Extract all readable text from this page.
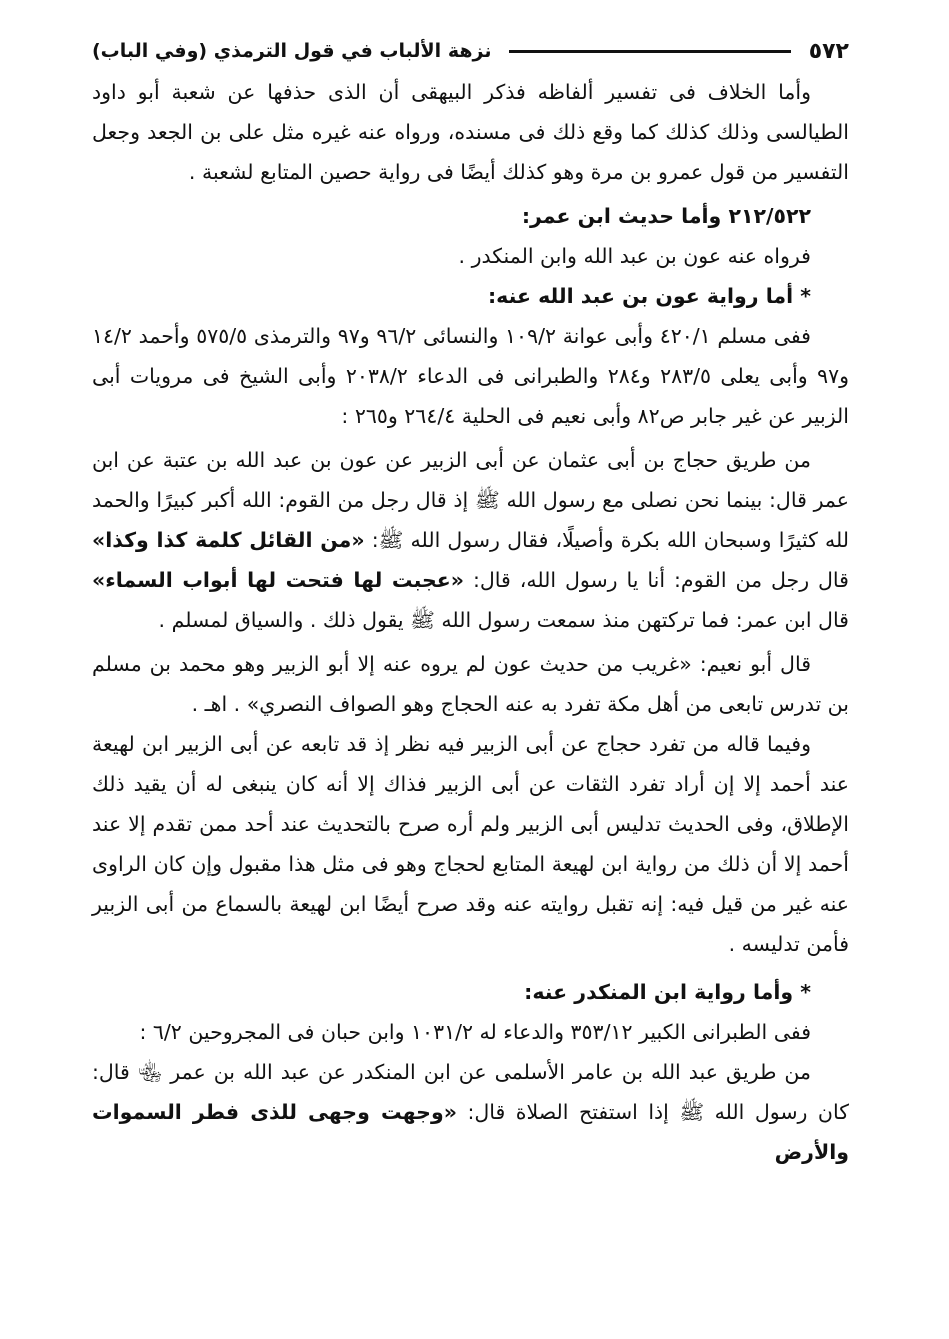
٥٧٢
نزهة الألباب في قول الترمذي (وفي الباب)

وأما الخلاف فى تفسير ألفاظه فذكر البيهقى أن الذى حذفها عن شعبة أبو داود الطيالسى وذلك كذلك كما وقع ذلك فى مسنده، ورواه عنه غيره مثل على بن الجعد وجعل التفسير من قول عمرو بن مرة وهو كذلك أيضًا فى رواية حصين المتابع لشعبة .

٢١٢/٥٢٢ وأما حديث ابن عمر:

فرواه عنه عون بن عبد الله وابن المنكدر .

* أما رواية عون بن عبد الله عنه:

ففى مسلم ٤٢٠/١ وأبى عوانة ١٠٩/٢ والنسائى ٩٦/٢ و٩٧ والترمذى ٥٧٥/٥ وأحمد ١٤/٢ و٩٧ وأبى يعلى ٢٨٣/٥ و٢٨٤ والطبرانى فى الدعاء ٢٠٣٨/٢ وأبى الشيخ فى مرويات أبى الزبير عن غير جابر ص٨٢ وأبى نعيم فى الحلية ٢٦٤/٤ و٢٦٥ :

من طريق حجاج بن أبى عثمان عن أبى الزبير عن عون بن عبد الله بن عتبة عن ابن عمر قال: بينما نحن نصلى مع رسول الله ﷺ إذ قال رجل من القوم: الله أكبر كبيرًا والحمد لله كثيرًا وسبحان الله بكرة وأصيلًا، فقال رسول الله ﷺ: «من القائل كلمة كذا وكذا» قال رجل من القوم: أنا يا رسول الله، قال: «عجبت لها فتحت لها أبواب السماء» قال ابن عمر: فما تركتهن منذ سمعت رسول الله ﷺ يقول ذلك . والسياق لمسلم .

قال أبو نعيم: «غريب من حديث عون لم يروه عنه إلا أبو الزبير وهو محمد بن مسلم بن تدرس تابعى من أهل مكة تفرد به عنه الحجاج وهو الصواف النصري» . اهـ .

وفيما قاله من تفرد حجاج عن أبى الزبير فيه نظر إذ قد تابعه عن أبى الزبير ابن لهيعة عند أحمد إلا إن أراد تفرد الثقات عن أبى الزبير فذاك إلا أنه كان ينبغى له أن يقيد ذلك الإطلاق، وفى الحديث تدليس أبى الزبير ولم أره صرح بالتحديث عند أحد ممن تقدم إلا عند أحمد إلا أن ذلك من رواية ابن لهيعة المتابع لحجاج وهو فى مثل هذا مقبول وإن كان الراوى عنه غير من قيل فيه: إنه تقبل روايته عنه وقد صرح أيضًا ابن لهيعة بالسماع من أبى الزبير فأمن تدليسه .

* وأما رواية ابن المنكدر عنه:

ففى الطبرانى الكبير ٣٥٣/١٢ والدعاء له ١٠٣١/٢ وابن حبان فى المجروحين ٦/٢ :

من طريق عبد الله بن عامر الأسلمى عن ابن المنكدر عن عبد الله بن عمر ﵄ قال: كان رسول الله ﷺ إذا استفتح الصلاة قال: «وجهت وجهى للذى فطر السموات والأرض
